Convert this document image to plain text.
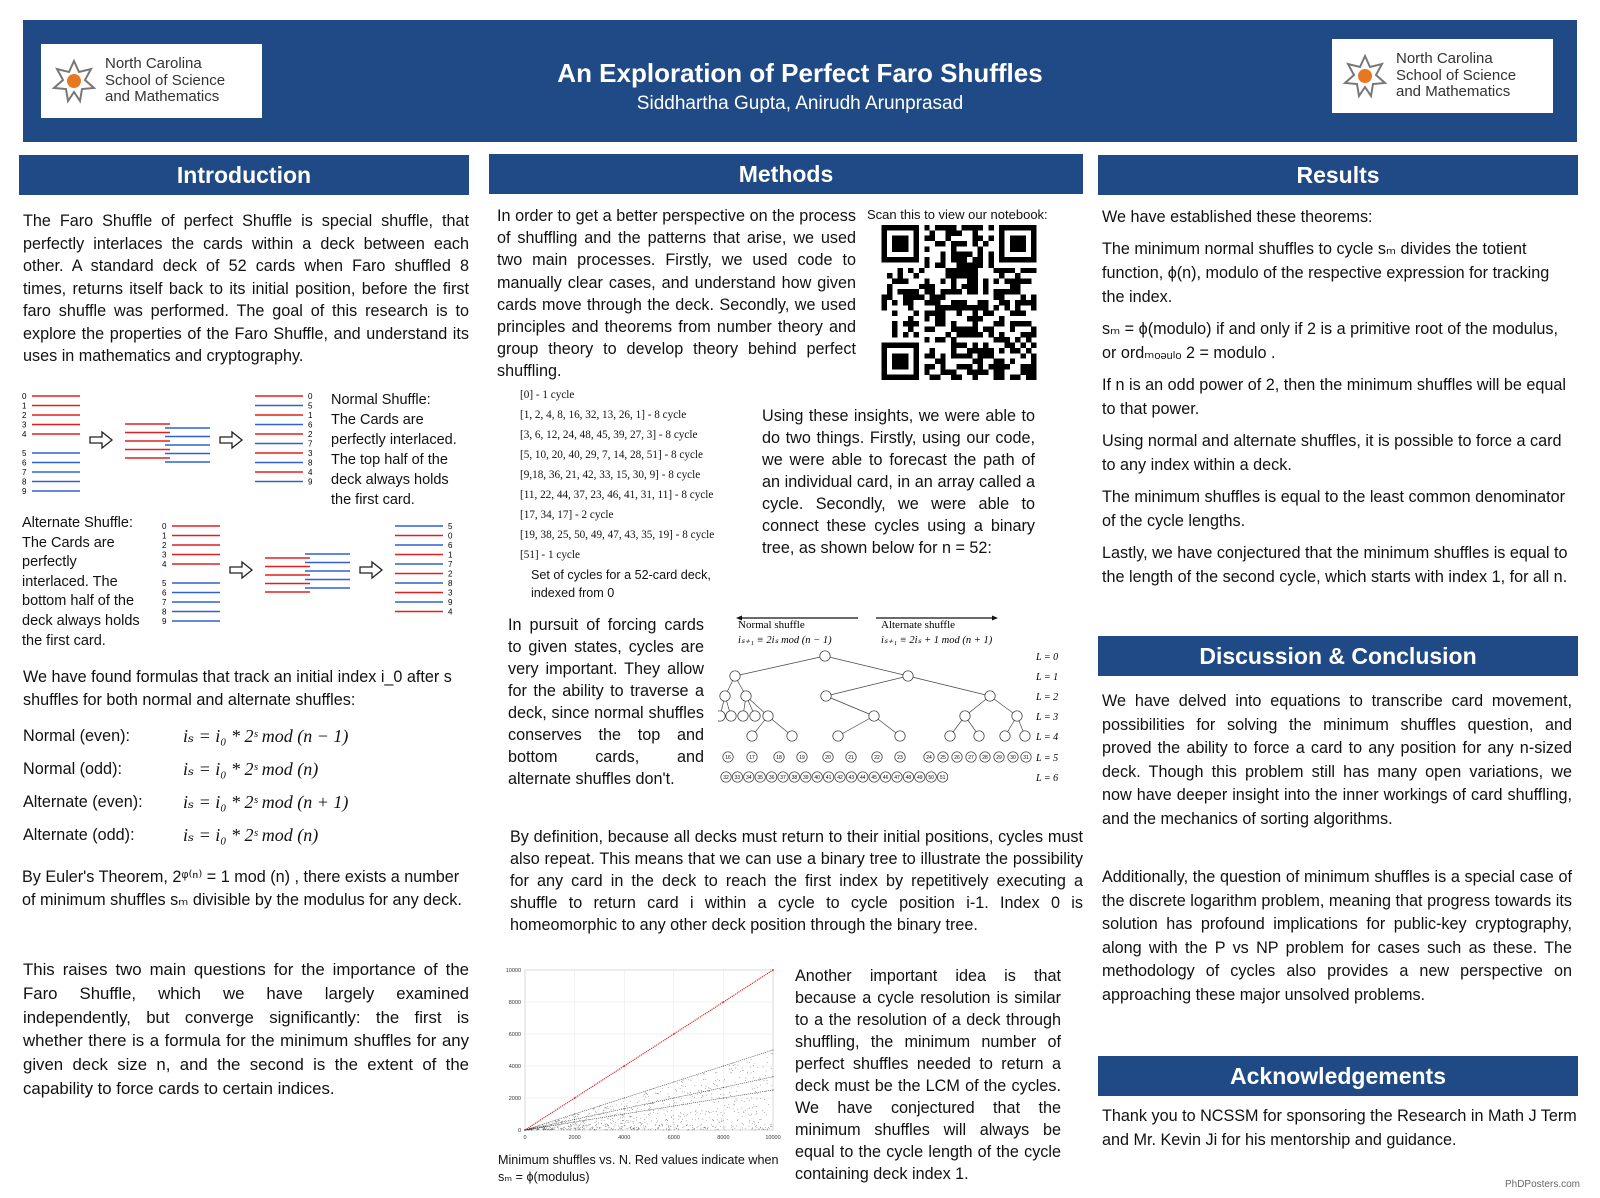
North Carolina
School of Science
and Mathematics
An Exploration of Perfect Faro Shuffles
Siddhartha Gupta, Anirudh Arunprasad
North Carolina
School of Science
and Mathematics
Introduction
The Faro Shuffle of perfect Shuffle is special shuffle, that perfectly interlaces the cards within a deck between each other. A standard deck of 52 cards when Faro shuffled 8 times, returns itself back to its initial position, before the first faro shuffle was performed. The goal of this research is to explore the properties of the Faro Shuffle, and understand its uses in mathematics and cryptography.
0
1
2
3
4
5
6
7
8
9
0
5
1
6
2
7
3
8
4
9
Normal Shuffle:
The Cards are
perfectly interlaced.
The top half of the
deck always holds
the first card.
Alternate Shuffle:
The Cards are
perfectly
interlaced. The
bottom half of the
deck always holds
the first card.
0
1
2
3
4
5
6
7
8
9
5
0
6
1
7
2
8
3
9
4
We have found formulas that track an initial index i_0 after s shuffles for both normal and alternate shuffles:
Normal (even):	iₛ = i₀ * 2ˢ mod (n − 1)
Normal (odd):	iₛ = i₀ * 2ˢ mod (n)
Alternate (even):	iₛ = i₀ * 2ˢ mod (n + 1)
Alternate (odd):	iₛ = i₀ * 2ˢ mod (n)
By Euler's Theorem, 2ᵠ⁽ⁿ⁾ = 1 mod (n) , there exists a number of minimum shuffles sₘ divisible by the modulus for any deck.
This raises two main questions for the importance of the Faro Shuffle, which we have largely examined independently, but converge significantly: the first is whether there is a formula for the minimum shuffles for any given deck size n, and the second is the extent of the capability to force cards to certain indices.
Methods
In order to get a better perspective on the process of shuffling and the patterns that arise, we used two main processes. Firstly, we used code to manually clear cases, and understand how given cards move through the deck. Secondly, we used principles and theorems from number theory and group theory to develop theory behind perfect shuffling.
Scan this to view our notebook:
[0] - 1 cycle
[1, 2, 4, 8, 16, 32, 13, 26, 1] - 8 cycle
[3, 6, 12, 24, 48, 45, 39, 27, 3] - 8 cycle
[5, 10, 20, 40, 29, 7, 14, 28, 51] - 8 cycle
[9,18, 36, 21, 42, 33, 15, 30, 9] - 8 cycle
[11, 22, 44, 37, 23, 46, 41, 31, 11] - 8 cycle
[17, 34, 17] - 2 cycle
[19, 38, 25, 50, 49, 47, 43, 35, 19] - 8 cycle
[51] - 1 cycle
Set of cycles for a 52-card deck,
indexed from 0
Using these insights, we were able to do two things. Firstly, using our code, we were able to forecast the path of an individual card, in an array called a cycle. Secondly, we were able to connect these cycles using a binary tree, as shown below for n = 52:
In pursuit of forcing cards to given states, cycles are very important. They allow for the ability to traverse a deck, since normal shuffles conserves the top and bottom cards, and alternate shuffles don't.
Normal shuffle
iₛ₊₁ ≡ 2iₛ mod (n − 1)
Alternate shuffle
iₛ₊₁ ≡ 2iₛ + 1 mod (n + 1)
L = 0
L = 1
L = 2
L = 3
L = 4
L = 5
L = 6
16	17	18	19	20	21	22	23	24 25 26 27 28 29 30 31
32 33 34 35 36 37 38 39 40 41 42 43 44 45 46 47 48 49 50 51
By definition, because all decks must return to their initial positions, cycles must also repeat. This means that we can use a binary tree to illustrate the possibility for any card in the deck to reach the first index by repetitively executing a shuffle to return card i within a cycle to cycle position i-1. Index 0 is homeomorphic to any other deck position through the binary tree.
0	2000	4000	6000	8000	10000
0
2000
4000
6000
8000
10000
Minimum shuffles vs. N. Red values indicate when sₘ = ϕ(modulus)
Another important idea is that because a cycle resolution is similar to a the resolution of a deck through shuffling, the minimum number of perfect shuffles needed to return a deck must be the LCM of the cycles. We have conjectured that the minimum shuffles will always be equal to the cycle length of the cycle containing deck index 1.
Results
We have established these theorems:
The minimum normal shuffles to cycle sₘ divides the totient function, ϕ(n), modulo of the respective expression for tracking the index.
sₘ = ϕ(modulo) if and only if 2 is a primitive root of the modulus, or ordₘₒₔᵤₗₒ 2 = modulo .
If n is an odd power of 2, then the minimum shuffles will be equal to that power.
Using normal and alternate shuffles, it is possible to force a card to any index within a deck.
The minimum shuffles is equal to the least common denominator of the cycle lengths.
Lastly, we have conjectured that the minimum shuffles is equal to the length of the second cycle, which starts with index 1, for all n.
Discussion & Conclusion
We have delved into equations to transcribe card movement, possibilities for solving the minimum shuffles question, and proved the ability to force a card to any position for any n-sized deck. Though this problem still has many open variations, we now have deeper insight into the inner workings of card shuffling, and the mechanics of sorting algorithms.
Additionally, the question of minimum shuffles is a special case of the discrete logarithm problem, meaning that progress towards its solution has profound implications for public-key cryptography, along with the P vs NP problem for cases such as these. The methodology of cycles also provides a new perspective on approaching these major unsolved problems.
Acknowledgements
Thank you to NCSSM for sponsoring the Research in Math J Term and Mr. Kevin Ji for his mentorship and guidance.
PhDPosters.com
